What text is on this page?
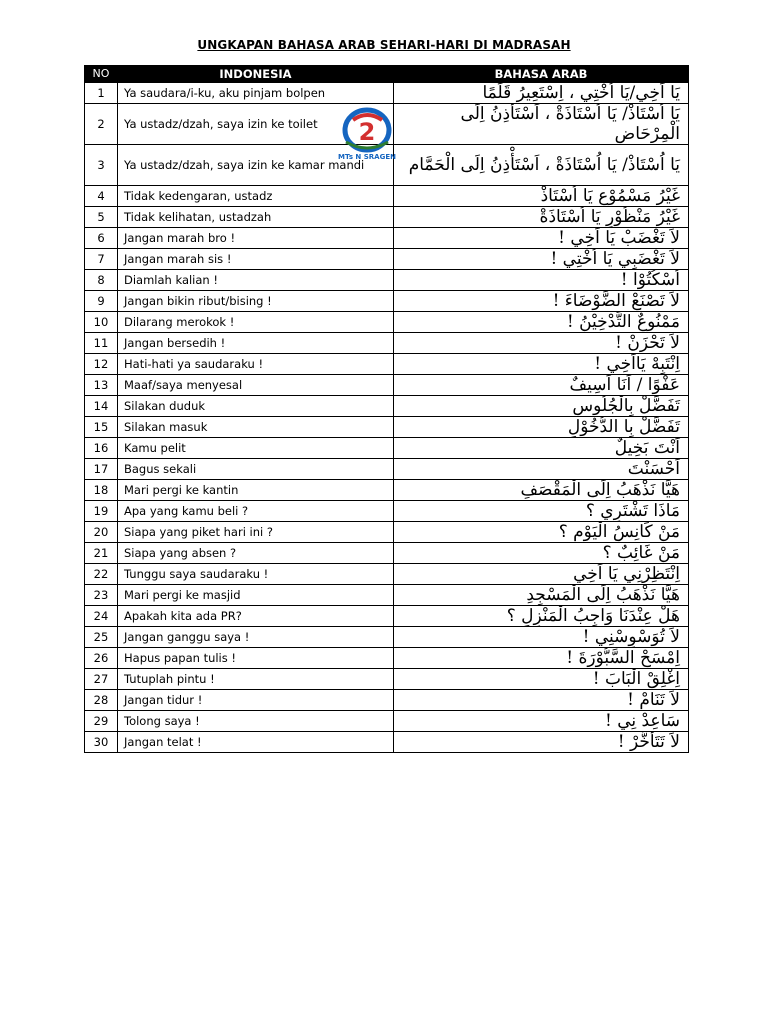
UNGKAPAN BAHASA ARAB SEHARI-HARI DI MADRASAH
NO	INDONESIA	BAHASA ARAB
1	Ya saudara/i-ku, aku pinjam bolpen	يَا اَخِي/يَا اُخْتِي ، اِسْتَعِيرُ قَلَمًا
2	Ya ustadz/dzah, saya izin ke toilet	يَا اُسْتَاذْ/ يَا اُسْتَاذَةْ ، اَسْتَأْذِنُ اِلَى الْمِرْحَاضِ
3	Ya ustadz/dzah, saya izin ke kamar mandi	يَا اُسْتَاذْ/ يَا اُسْتَاذَةْ ، اَسْتَأْذِنُ اِلَى الْحَمَّام
4	Tidak kedengaran, ustadz	غَيْرُ مَسْمُوْعٍ يَا اُسْتَاذْ
5	Tidak kelihatan, ustadzah	غَيْرُ مَنْظُوْرٍ يَا اُسْتَاذَةْ
6	Jangan marah bro !	لاَ تَغْضَبْ يَا اَخِي !
7	Jangan marah sis !	لاَ تَغْضَبِي يَا اُخْتِي !
8	Diamlah kalian !	اُسْكُتُوْا !
9	Jangan bikin ribut/bising !	لاَ تَصْنَعْ الضَّوْضَاءَ !
10	Dilarang merokok !	مَمْنُوعٌ التَّدْخِيْنُ !
11	Jangan bersedih !	لاَ تَحْزَنْ !
12	Hati-hati ya saudaraku !	اِنْتَبِهْ يَااَخِي !
13	Maaf/saya menyesal	عَفْوًا / اَنَا اَسِيفٌ
14	Silakan duduk	تَفَضَّلْ بِالْجُلُوسِ
15	Silakan masuk	تَفَضَّلْ بِا الدُّخُوْلِ
16	Kamu pelit	اَنْتَ بَخِيلٌ
17	Bagus sekali	اَحْسَنْتَ
18	Mari pergi ke kantin	هَيَّا نَذْهَبُ اِلَى الْمَقْصَفِ
19	Apa yang kamu beli ?	مَاذَا تَشْتَرِي ؟
20	Siapa yang piket hari ini ?	مَنْ كَانِسُ الْيَوْمِ ؟
21	Siapa yang absen ?	مَنْ غَائِبٌ ؟
22	Tunggu saya saudaraku !	اِنْتَظِرْنِي يَا اَخِي
23	Mari pergi ke masjid	هَيَّا نَذْهَبُ اِلَى الْمَسْجِدِ
24	Apakah kita ada PR?	هَلْ عِنْدَنَا وَاجِبُ الْمَنْزِلِ ؟
25	Jangan ganggu saya !	لاَ تُوَسْوِسْنِي !
26	Hapus papan tulis !	اِمْسَحْ السَّبُّوْرَةَ !
27	Tutuplah pintu !	اِغْلِقْ الْبَابَ !
28	Jangan tidur !	لاَ تَنَامْ !
29	Tolong saya !	سَاعِدْ نِي !
30	Jangan telat !	لاَ تَتَأَخَّرْ !
2
MTs N SRAGEN
